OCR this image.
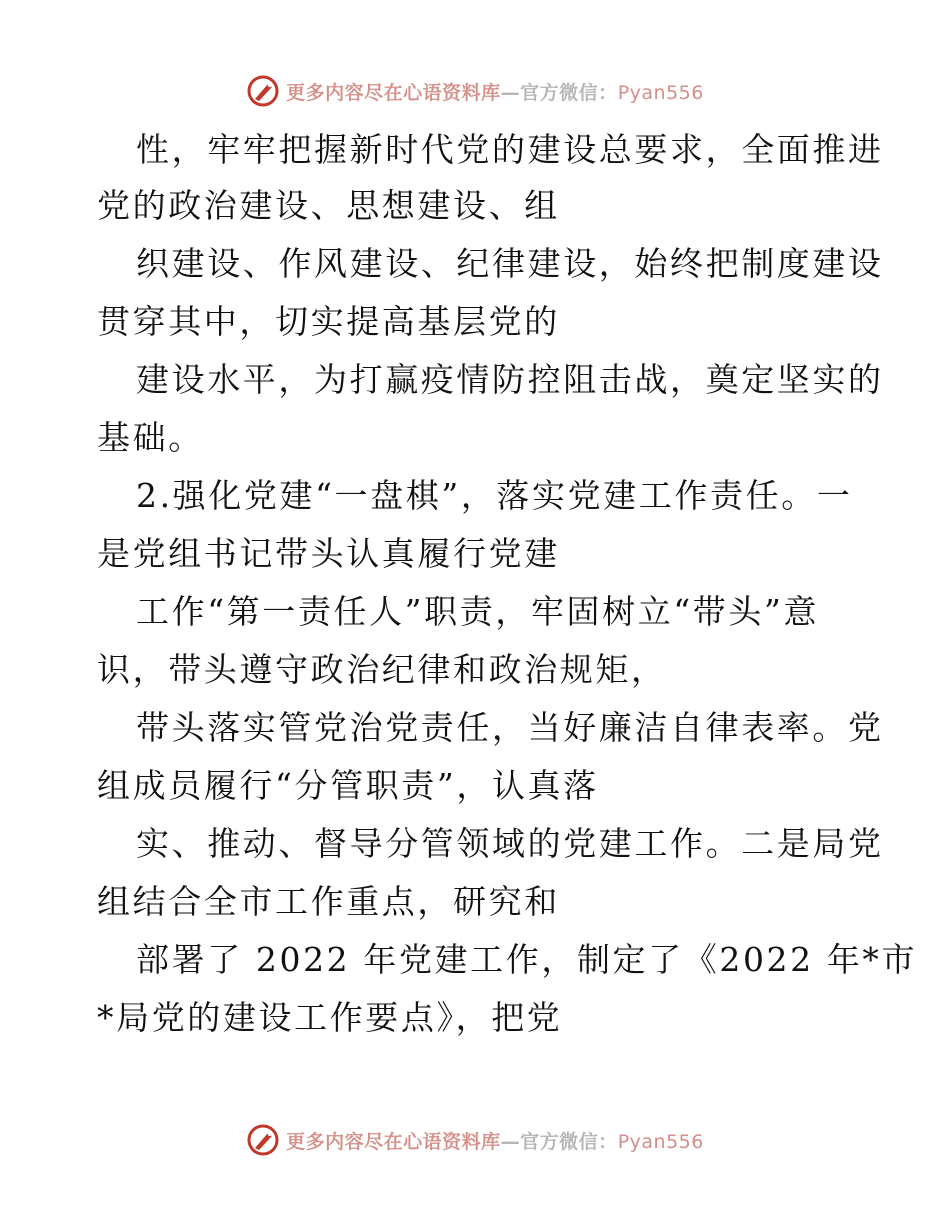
更多内容尽在心语资料库—官方微信：Pyan556
性，牢牢把握新时代党的建设总要求，全面推进
党的政治建设、思想建设、组
织建设、作风建设、纪律建设，始终把制度建设
贯穿其中，切实提高基层党的
建设水平，为打赢疫情防控阻击战，奠定坚实的
基础。
2.强化党建“一盘棋”，落实党建工作责任。一
是党组书记带头认真履行党建
工作“第一责任人”职责，牢固树立“带头”意
识，带头遵守政治纪律和政治规矩，
带头落实管党治党责任，当好廉洁自律表率。党
组成员履行“分管职责”，认真落
实、推动、督导分管领域的党建工作。二是局党
组结合全市工作重点，研究和
部署了 2022 年党建工作，制定了《2022 年*市
*局党的建设工作要点》，把党
更多内容尽在心语资料库—官方微信：Pyan556
